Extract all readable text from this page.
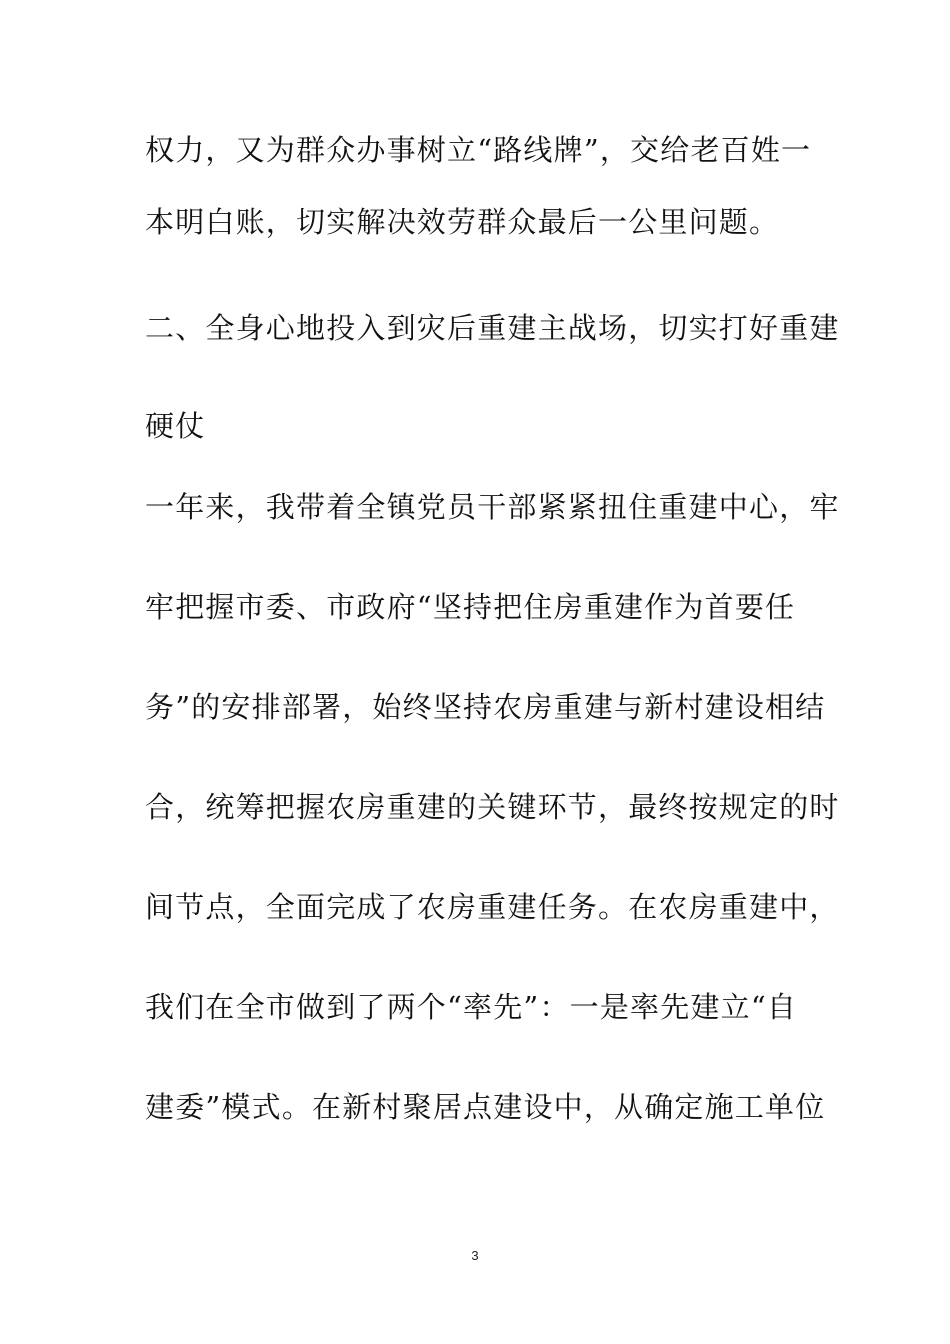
权力，又为群众办事树立“路线牌”，交给老百姓一
本明白账，切实解决效劳群众最后一公里问题。
二、全身心地投入到灾后重建主战场，切实打好重建
硬仗
一年来，我带着全镇党员干部紧紧扭住重建中心，牢
牢把握市委、市政府“坚持把住房重建作为首要任
务”的安排部署，始终坚持农房重建与新村建设相结
合，统筹把握农房重建的关键环节，最终按规定的时
间节点，全面完成了农房重建任务。在农房重建中，
我们在全市做到了两个“率先”：一是率先建立“自
建委”模式。在新村聚居点建设中，从确定施工单位
3
